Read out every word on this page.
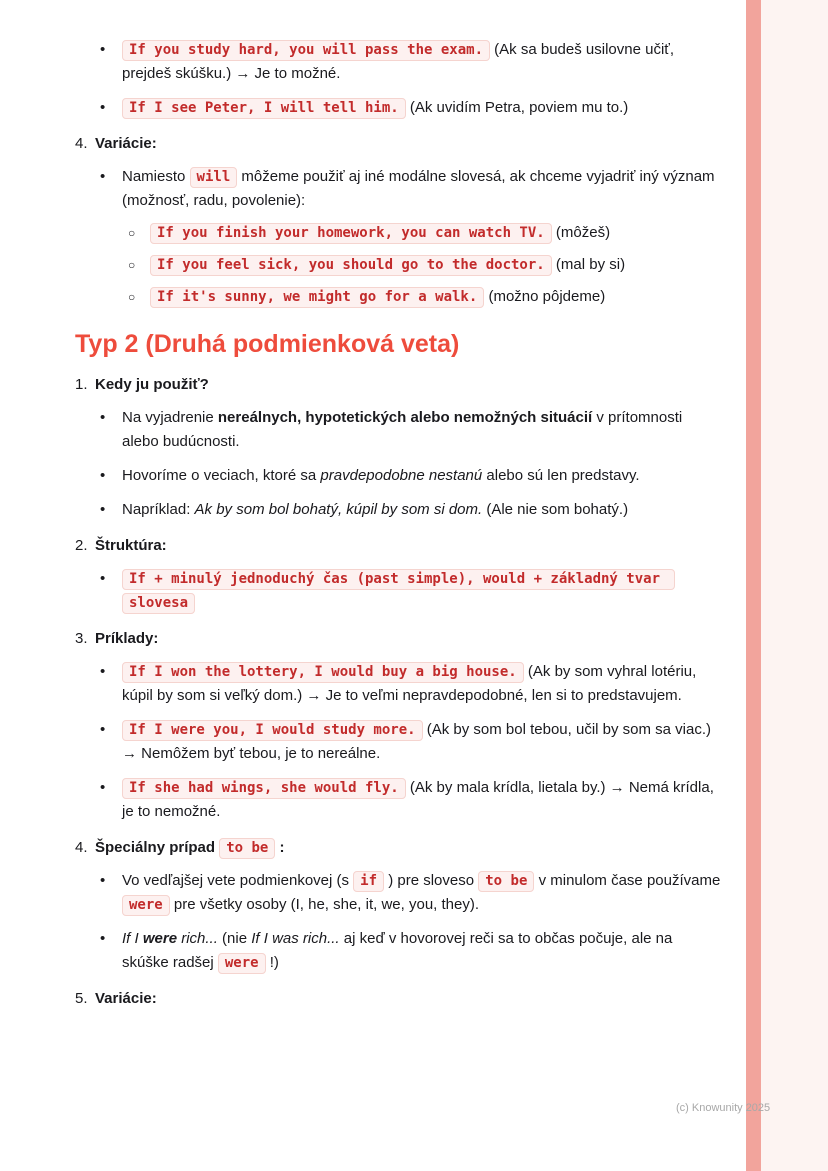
•	If you study hard, you will pass the exam. (Ak sa budeš usilovne učiť, prejdeš skúšku.) → Je to možné.
•	If I see Peter, I will tell him. (Ak uvidím Petra, poviem mu to.)
4. Variácie:
•	Namiesto will môžeme použiť aj iné modálne slovesá, ak chceme vyjadriť iný význam (možnosť, radu, povolenie):
○	If you finish your homework, you can watch TV. (môžeš)
○	If you feel sick, you should go to the doctor. (mal by si)
○	If it's sunny, we might go for a walk. (možno pôjdeme)
Typ 2 (Druhá podmienková veta)
1. Kedy ju použiť?
•	Na vyjadrenie nereálnych, hypotetických alebo nemožných situácií v prítomnosti alebo budúcnosti.
•	Hovoríme o veciach, ktoré sa pravdepodobne nestanú alebo sú len predstavy.
•	Napríklad: Ak by som bol bohatý, kúpil by som si dom. (Ale nie som bohatý.)
2. Štruktúra:
•	If + minulý jednoduchý čas (past simple), would + základný tvar slovesa
3. Príklady:
•	If I won the lottery, I would buy a big house. (Ak by som vyhral lotériu, kúpil by som si veľký dom.) → Je to veľmi nepravdepodobné, len si to predstavujem.
•	If I were you, I would study more. (Ak by som bol tebou, učil by som sa viac.) → Nemôžem byť tebou, je to nereálne.
•	If she had wings, she would fly. (Ak by mala krídla, lietala by.) → Nemá krídla, je to nemožné.
4. Špeciálny prípad to be :
•	Vo vedľajšej vete podmienkovej (s if ) pre sloveso to be v minulom čase používame were pre všetky osoby (I, he, she, it, we, you, they).
•	If I were rich... (nie If I was rich... aj keď v hovorovej reči sa to občas počuje, ale na skúške radšej were !)
5. Variácie:
(c) Knowunity 2025
